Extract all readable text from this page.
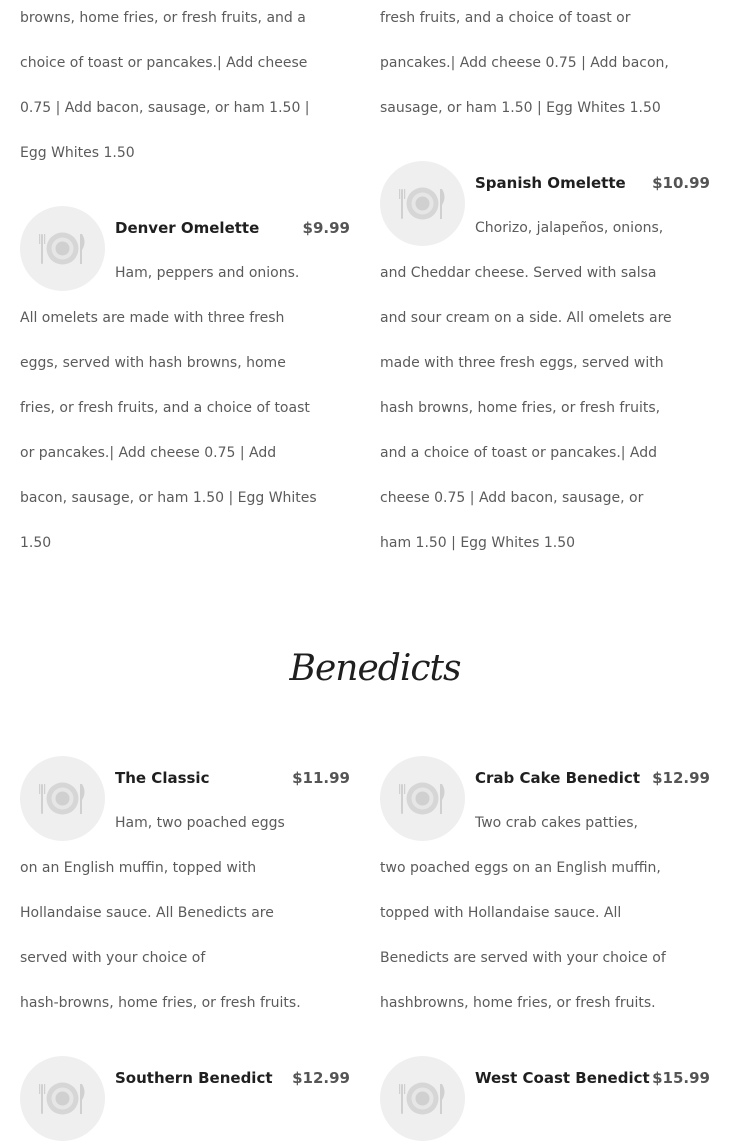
browns, home fries, or fresh fruits, and a
choice of toast or pancakes.| Add cheese
0.75 | Add bacon, sausage, or ham 1.50 |
Egg Whites 1.50
fresh fruits, and a choice of toast or
pancakes.| Add cheese 0.75 | Add bacon,
sausage, or ham 1.50 | Egg Whites 1.50
Denver Omelette	$9.99
Ham, peppers and onions.
All omelets are made with three fresh
eggs, served with hash browns, home
fries, or fresh fruits, and a choice of toast
or pancakes.| Add cheese 0.75 | Add
bacon, sausage, or ham 1.50 | Egg Whites
1.50
Spanish Omelette	$10.99
Chorizo, jalapeños, onions,
and Cheddar cheese. Served with salsa
and sour cream on a side. All omelets are
made with three fresh eggs, served with
hash browns, home fries, or fresh fruits,
and a choice of toast or pancakes.| Add
cheese 0.75 | Add bacon, sausage, or
ham 1.50 | Egg Whites 1.50
Benedicts
The Classic	$11.99
Ham, two poached eggs
on an English muffin, topped with
Hollandaise sauce. All Benedicts are
served with your choice of
hash-browns, home fries, or fresh fruits.
Crab Cake Benedict $12.99
Two crab cakes patties,
two poached eggs on an English muffin,
topped with Hollandaise sauce. All
Benedicts are served with your choice of
hashbrowns, home fries, or fresh fruits.
Southern Benedict	$12.99	West Coast Benedict $15.99
